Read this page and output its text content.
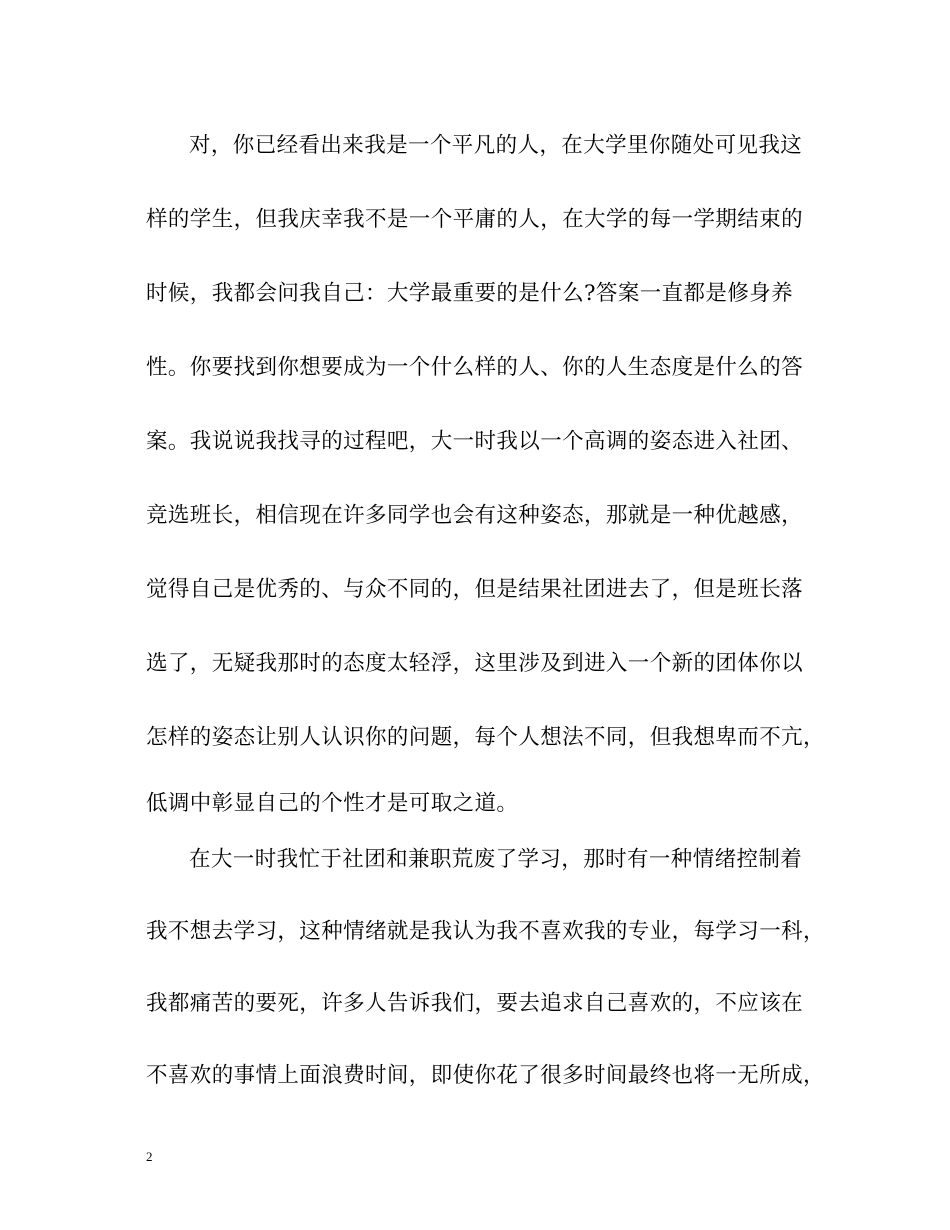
对，你已经看出来我是一个平凡的人，在大学里你随处可见我这
样的学生，但我庆幸我不是一个平庸的人，在大学的每一学期结束的
时候，我都会问我自己：大学最重要的是什么?答案一直都是修身养
性。你要找到你想要成为一个什么样的人、你的人生态度是什么的答
案。我说说我找寻的过程吧，大一时我以一个高调的姿态进入社团、
竞选班长，相信现在许多同学也会有这种姿态，那就是一种优越感，
觉得自己是优秀的、与众不同的，但是结果社团进去了，但是班长落
选了，无疑我那时的态度太轻浮，这里涉及到进入一个新的团体你以
怎样的姿态让别人认识你的问题，每个人想法不同，但我想卑而不亢，
低调中彰显自己的个性才是可取之道。
在大一时我忙于社团和兼职荒废了学习，那时有一种情绪控制着
我不想去学习，这种情绪就是我认为我不喜欢我的专业，每学习一科，
我都痛苦的要死，许多人告诉我们，要去追求自己喜欢的，不应该在
不喜欢的事情上面浪费时间，即使你花了很多时间最终也将一无所成，
2
